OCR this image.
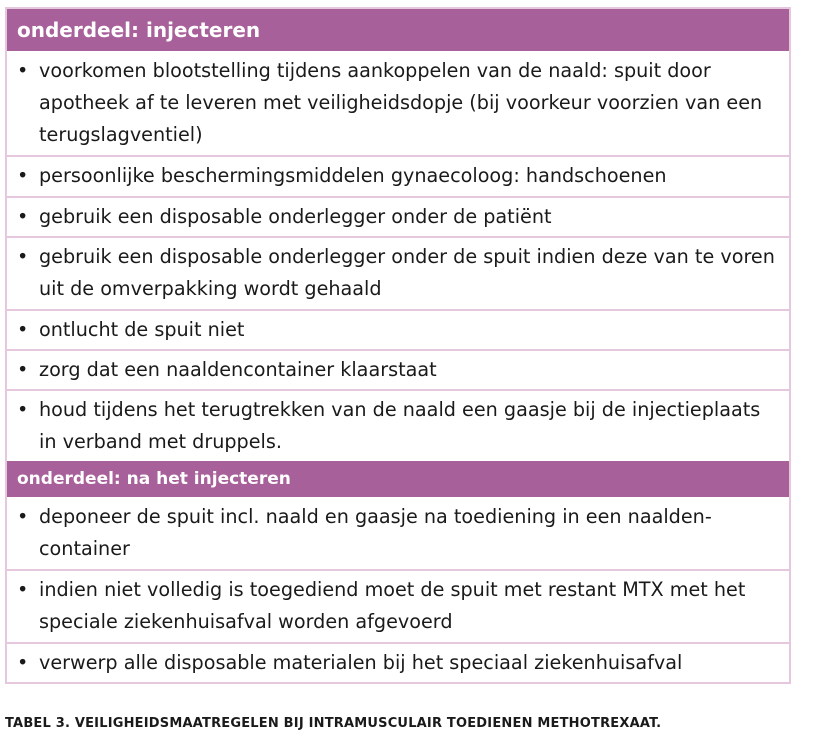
onderdeel: injecteren
• voorkomen blootstelling tijdens aankoppelen van de naald: spuit door apotheek af te leveren met veiligheidsdopje (bij voorkeur voorzien van een terugslagventiel)
• persoonlijke beschermingsmiddelen gynaecoloog: handschoenen
• gebruik een disposable onderlegger onder de patiënt
• gebruik een disposable onderlegger onder de spuit indien deze van te voren uit de omverpakking wordt gehaald
• ontlucht de spuit niet
• zorg dat een naaldencontainer klaarstaat
• houd tijdens het terugtrekken van de naald een gaasje bij de injectieplaats in verband met druppels.
onderdeel: na het injecteren
• deponeer de spuit incl. naald en gaasje na toediening in een naalden-container
• indien niet volledig is toegediend moet de spuit met restant MTX met het speciale ziekenhuisafval worden afgevoerd
• verwerp alle disposable materialen bij het speciaal ziekenhuisafval
TABEL 3. VEILIGHEIDSMAATREGELEN BIJ INTRAMUSCULAIR TOEDIENEN METHOTREXAAT.
